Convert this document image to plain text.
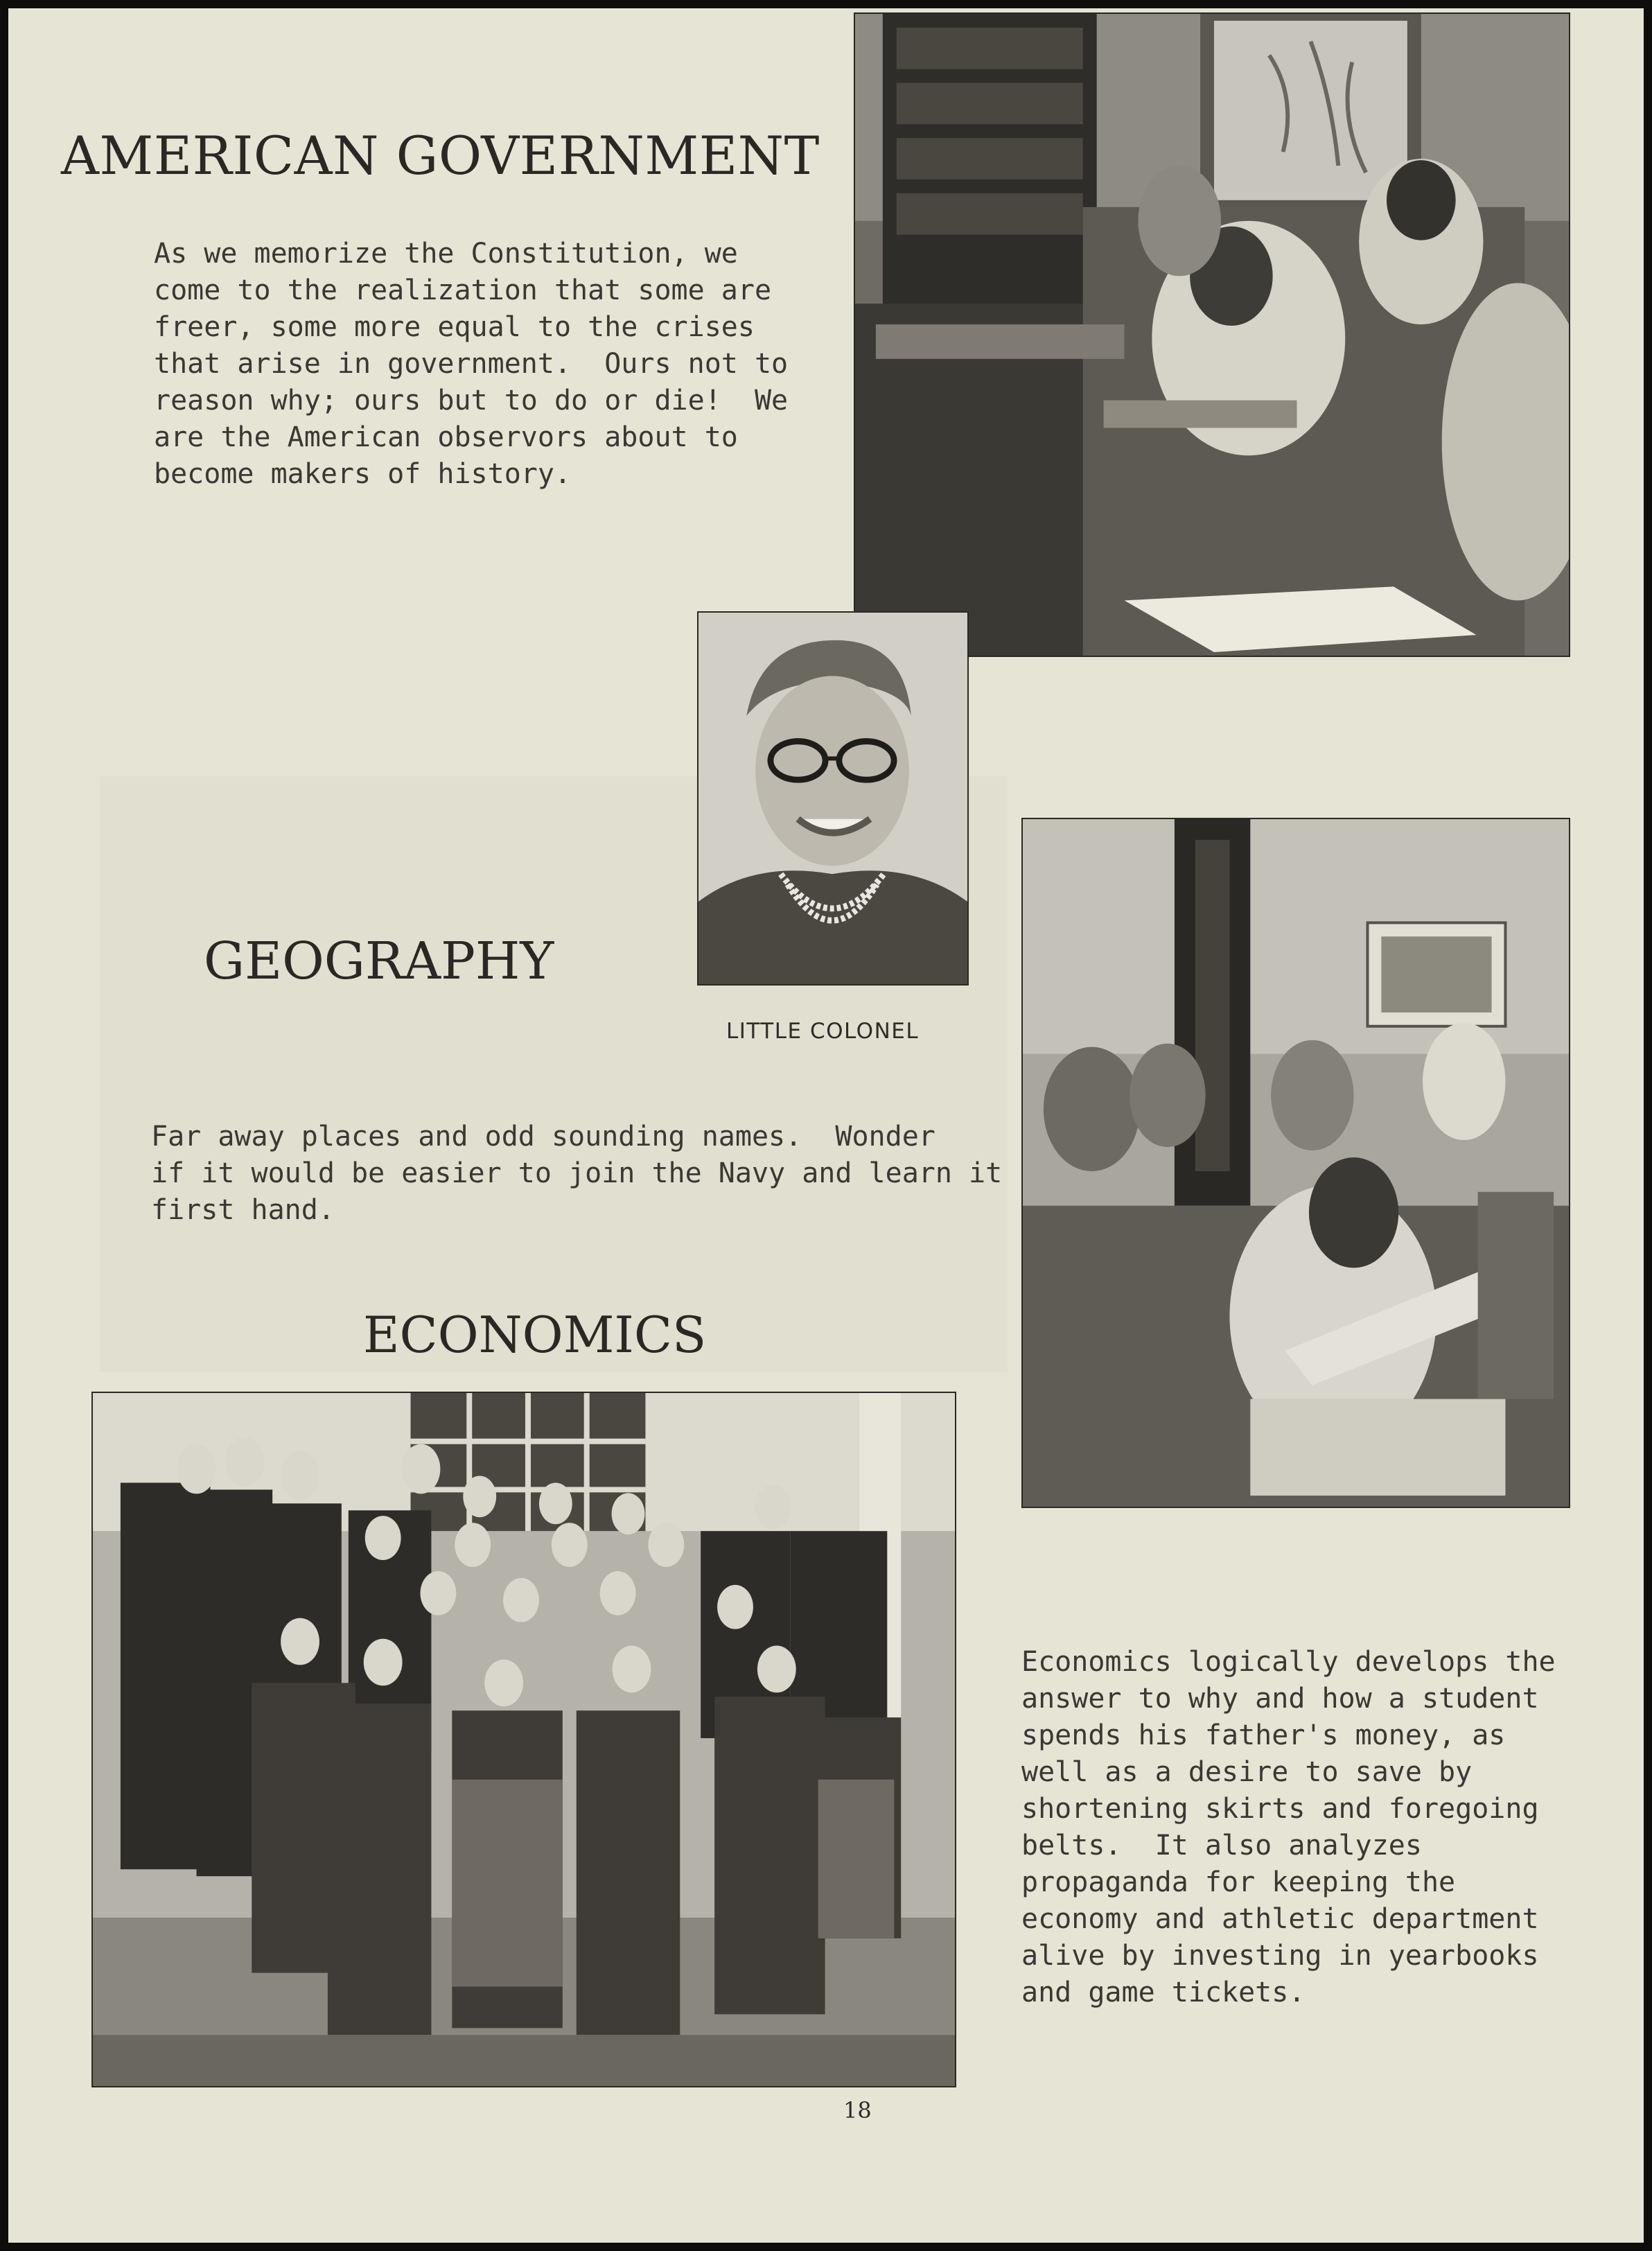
AMERICAN GOVERNMENT

As we memorize the Constitution, we
come to the realization that some are
freer, some more equal to the crises
that arise in government.  Ours not to
reason why; ours but to do or die!  We
are the American observors about to
become makers of history.

LITTLE COLONEL
GEOGRAPHY

Far away places and odd sounding names.  Wonder
if it would be easier to join the Navy and learn it
first hand.

ECONOMICS

Economics logically develops the
answer to why and how a student
spends his father's money, as
well as a desire to save by
shortening skirts and foregoing
belts.  It also analyzes
propaganda for keeping the
economy and athletic department
alive by investing in yearbooks
and game tickets.

18
